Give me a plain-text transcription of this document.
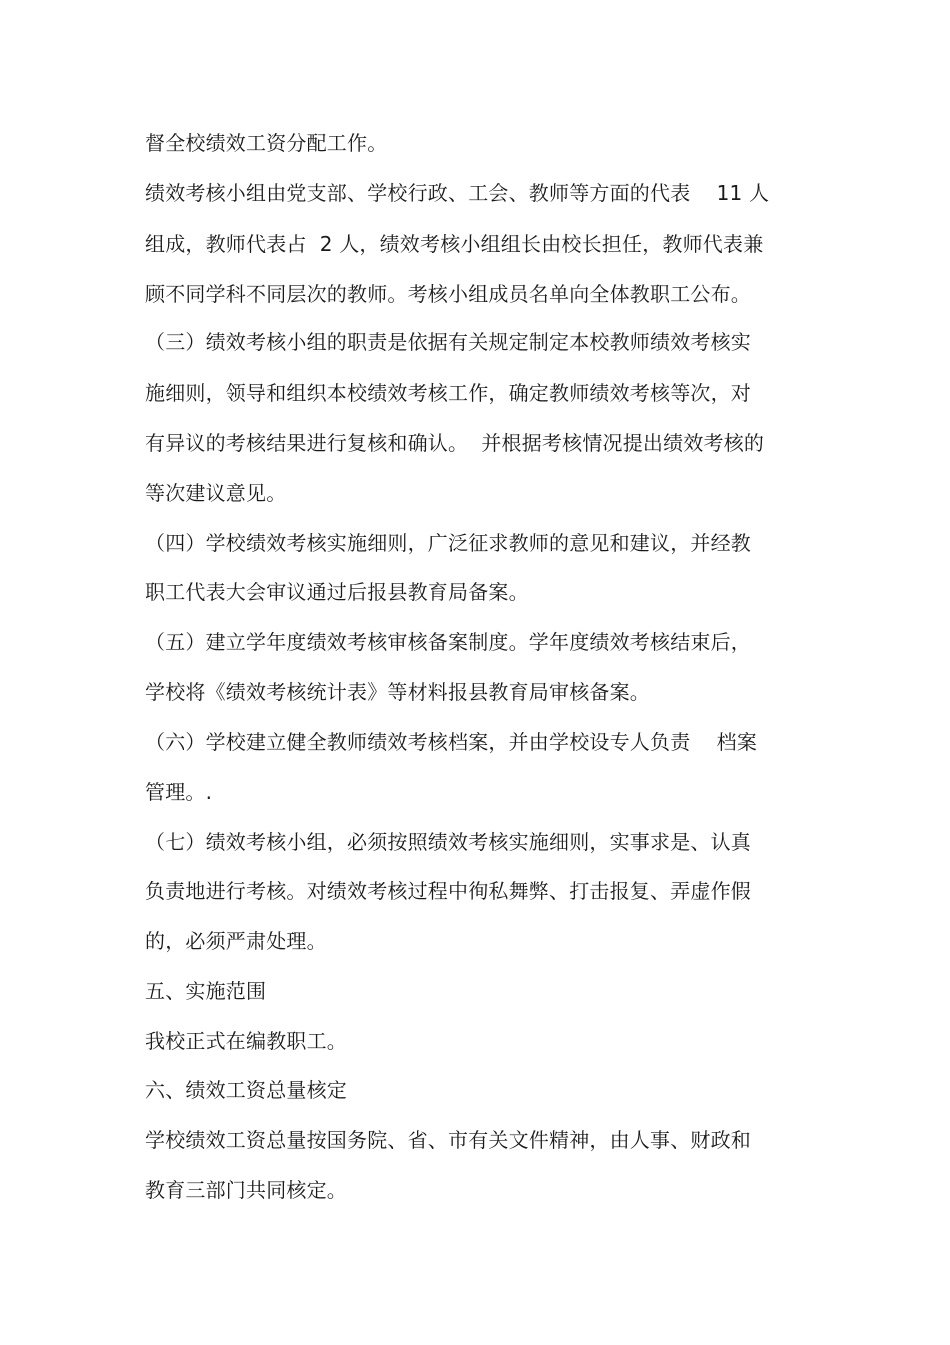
督全校绩效工资分配工作。
绩效考核小组由党支部、学校行政、工会、教师等方面的代表    11 人
组成，教师代表占  2 人，绩效考核小组组长由校长担任，教师代表兼
顾不同学科不同层次的教师。考核小组成员名单向全体教职工公布。
（三）绩效考核小组的职责是依据有关规定制定本校教师绩效考核实
施细则，领导和组织本校绩效考核工作，确定教师绩效考核等次，对
有异议的考核结果进行复核和确认。  并根据考核情况提出绩效考核的
等次建议意见。
（四）学校绩效考核实施细则，广泛征求教师的意见和建议，并经教
职工代表大会审议通过后报县教育局备案。
（五）建立学年度绩效考核审核备案制度。学年度绩效考核结束后，
学校将《绩效考核统计表》等材料报县教育局审核备案。
（六）学校建立健全教师绩效考核档案，并由学校设专人负责    档案
管理。.
（七）绩效考核小组，必须按照绩效考核实施细则，实事求是、认真
负责地进行考核。对绩效考核过程中徇私舞弊、打击报复、弄虚作假
的，必须严肃处理。
五、实施范围
我校正式在编教职工。
六、绩效工资总量核定
学校绩效工资总量按国务院、省、市有关文件精神，由人事、财政和
教育三部门共同核定。
